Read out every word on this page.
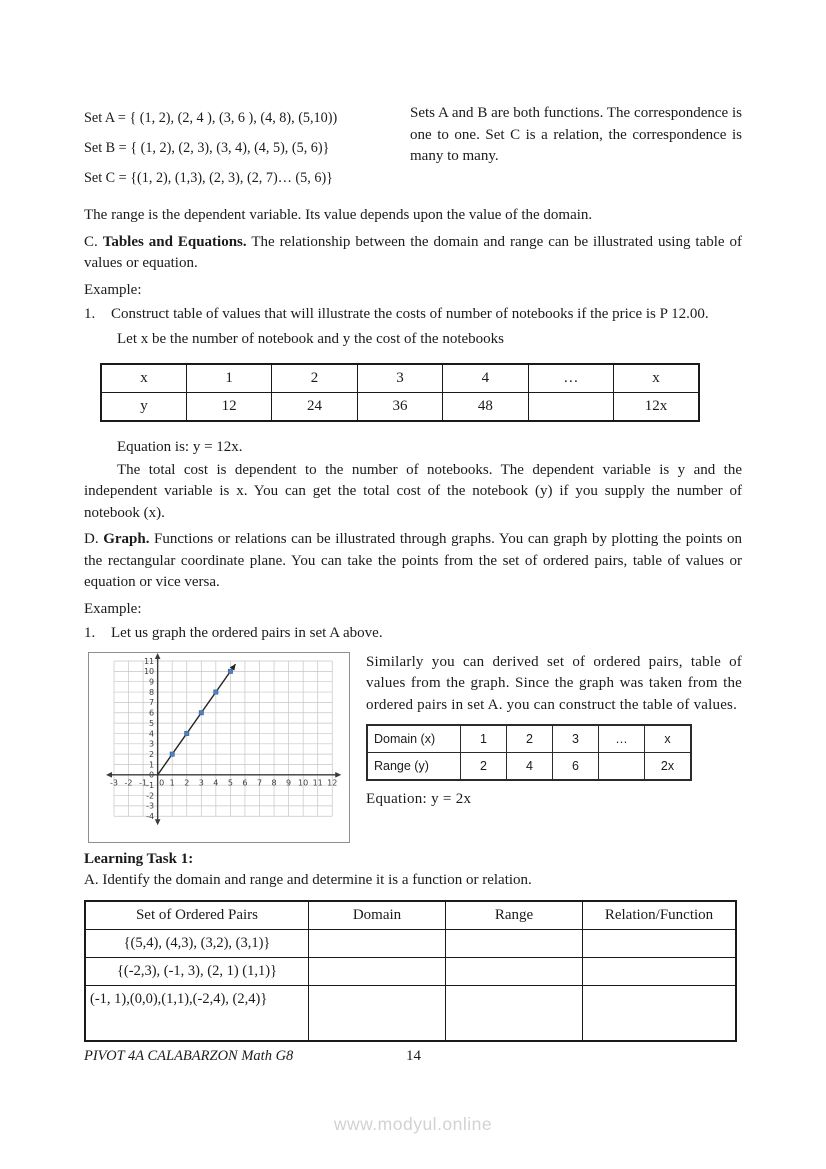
Set A = { (1, 2), (2, 4 ), (3, 6 ), (4, 8), (5,10))
Set B = { (1, 2), (2, 3), (3, 4), (4, 5), (5, 6)}
Set C = {(1, 2), (1,3), (2, 3), (2, 7)… (5, 6)}
Sets A and B are both functions. The correspondence is one to one. Set C is a relation, the correspondence is many to many.

The range is the dependent variable. Its value depends upon the value of the domain.

C. Tables and Equations. The relationship between the domain and range can be illustrated using table of values or equation.

Example:

1.	Construct table of values that will illustrate the costs of number of notebooks if the price is P 12.00.

Let x be the number of notebook and y the cost of the notebooks

x	1	2	3	4	…	x
y	12	24	36	48		12x

Equation is: y = 12x.

The total cost is dependent to the number of notebooks. The dependent variable is y and the independent variable is x. You can get the total cost of the notebook (y) if you supply the number of notebook (x).

D. Graph. Functions or relations can be illustrated through graphs. You can graph by plotting the points on the rectangular coordinate plane. You can take the points from the set of ordered pairs, table of values or equation or vice versa.

Example:

1.	Let us graph the ordered pairs in set A above.
-3 -2 -1 0 1 2 3 4 5 6 7 8 9 10 11 12
-4
-3
-2
-1
0
1
2
3
4
5
6
7
8
9
10
11	Similarly you can derived set of ordered pairs, table of values from the graph. Since the graph was taken from the ordered pairs in set A. you can construct the table of values.

Domain (x)	1	2	3	…	x
Range (y)	2	4	6		2x

Equation: y = 2x

Learning Task 1:

A. Identify the domain and range and determine it is a function or relation.

Set of Ordered Pairs	Domain	Range	Relation/Function
{(5,4), (4,3), (3,2), (3,1)}			
{(-2,3), (-1, 3), (2, 1) (1,1)}			
(-1, 1),(0,0),(1,1),(-2,4), (2,4)}			
PIVOT 4A CALABARZON Math G8	14
www.modyul.online
